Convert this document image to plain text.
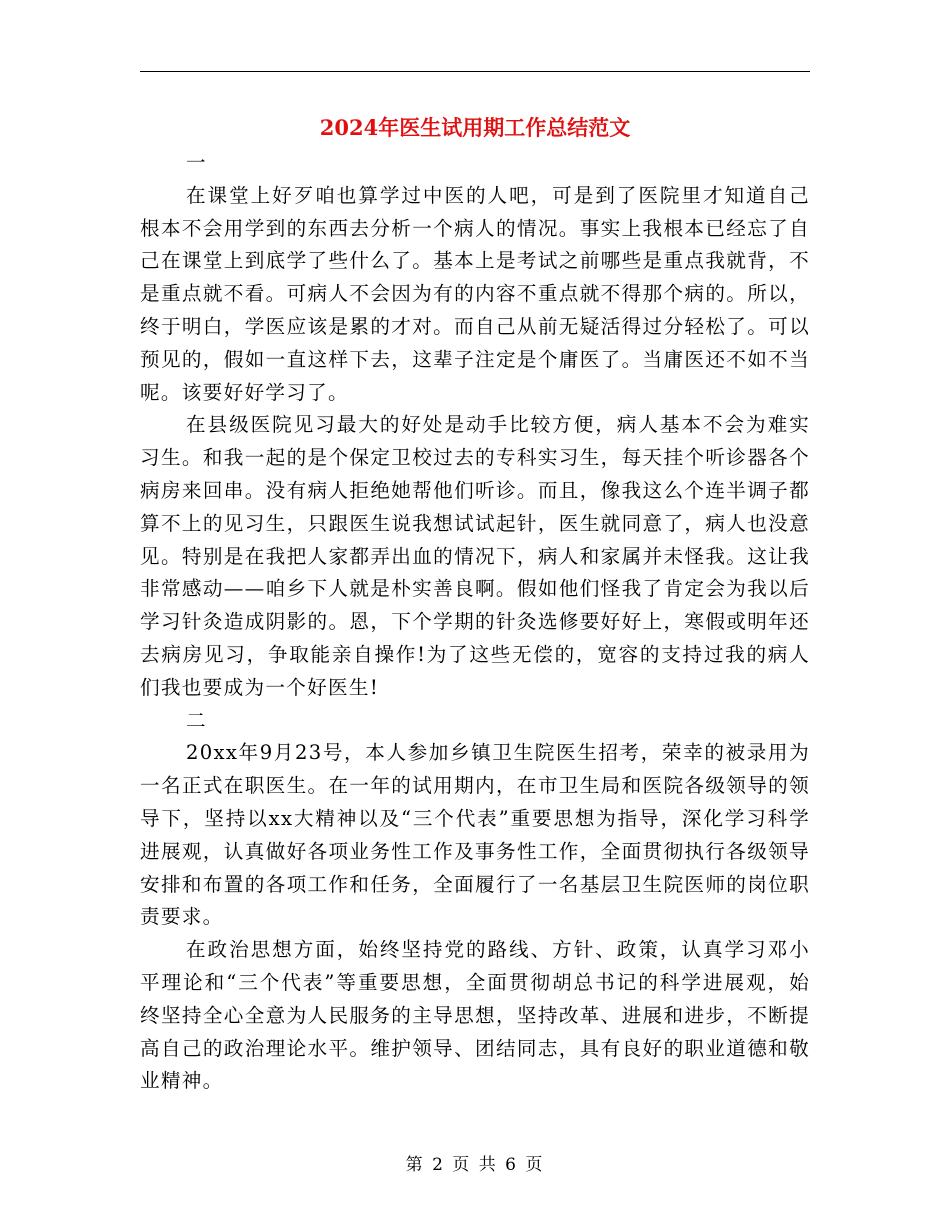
2024年医生试用期工作总结范文

一

在课堂上好歹咱也算学过中医的人吧，可是到了医院里才知道自己根本不会用学到的东西去分析一个病人的情况。事实上我根本已经忘了自己在课堂上到底学了些什么了。基本上是考试之前哪些是重点我就背，不是重点就不看。可病人不会因为有的内容不重点就不得那个病的。所以，终于明白，学医应该是累的才对。而自己从前无疑活得过分轻松了。可以预见的，假如一直这样下去，这辈子注定是个庸医了。当庸医还不如不当呢。该要好好学习了。

在县级医院见习最大的好处是动手比较方便，病人基本不会为难实习生。和我一起的是个保定卫校过去的专科实习生，每天挂个听诊器各个病房来回串。没有病人拒绝她帮他们听诊。而且，像我这么个连半调子都算不上的见习生，只跟医生说我想试试起针，医生就同意了，病人也没意见。特别是在我把人家都弄出血的情况下，病人和家属并未怪我。这让我非常感动——咱乡下人就是朴实善良啊。假如他们怪我了肯定会为我以后学习针灸造成阴影的。恩，下个学期的针灸选修要好好上，寒假或明年还去病房见习，争取能亲自操作!为了这些无偿的，宽容的支持过我的病人们我也要成为一个好医生!

二

20xx年9月23号，本人参加乡镇卫生院医生招考，荣幸的被录用为一名正式在职医生。在一年的试用期内，在市卫生局和医院各级领导的领导下，坚持以xx大精神以及“三个代表”重要思想为指导，深化学习科学进展观，认真做好各项业务性工作及事务性工作，全面贯彻执行各级领导安排和布置的各项工作和任务，全面履行了一名基层卫生院医师的岗位职责要求。

在政治思想方面，始终坚持党的路线、方针、政策，认真学习邓小平理论和“三个代表”等重要思想，全面贯彻胡总书记的科学进展观，始终坚持全心全意为人民服务的主导思想，坚持改革、进展和进步，不断提高自己的政治理论水平。维护领导、团结同志，具有良好的职业道德和敬业精神。

第 2 页 共 6 页
